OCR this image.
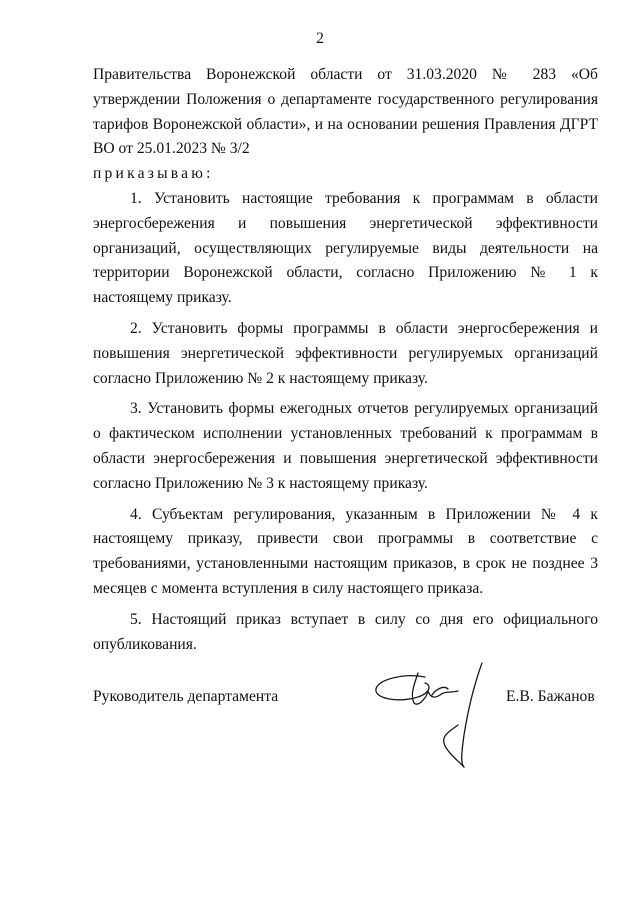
2

Правительства Воронежской области от 31.03.2020 № 283 «Об утверждении Положения о департаменте государственного регулирования тарифов Воронежской области», и на основании решения Правления ДГРТ ВО от 25.01.2023 № 3/2

приказываю:

1. Установить настоящие требования к программам в области энергосбережения и повышения энергетической эффективности организаций, осуществляющих регулируемые виды деятельности на территории Воронежской области, согласно Приложению № 1 к настоящему приказу.

2. Установить формы программы в области энергосбережения и повышения энергетической эффективности регулируемых организаций согласно Приложению № 2 к настоящему приказу.

3. Установить формы ежегодных отчетов регулируемых организаций о фактическом исполнении установленных требований к программам в области энергосбережения и повышения энергетической эффективности согласно Приложению № 3 к настоящему приказу.

4. Субъектам регулирования, указанным в Приложении № 4 к настоящему приказу, привести свои программы в соответствие с требованиями, установленными настоящим приказов, в срок не позднее 3 месяцев с момента вступления в силу настоящего приказа.

5. Настоящий приказ вступает в силу со дня его официального опубликования.

Руководитель департамента	Е.В. Бажанов
